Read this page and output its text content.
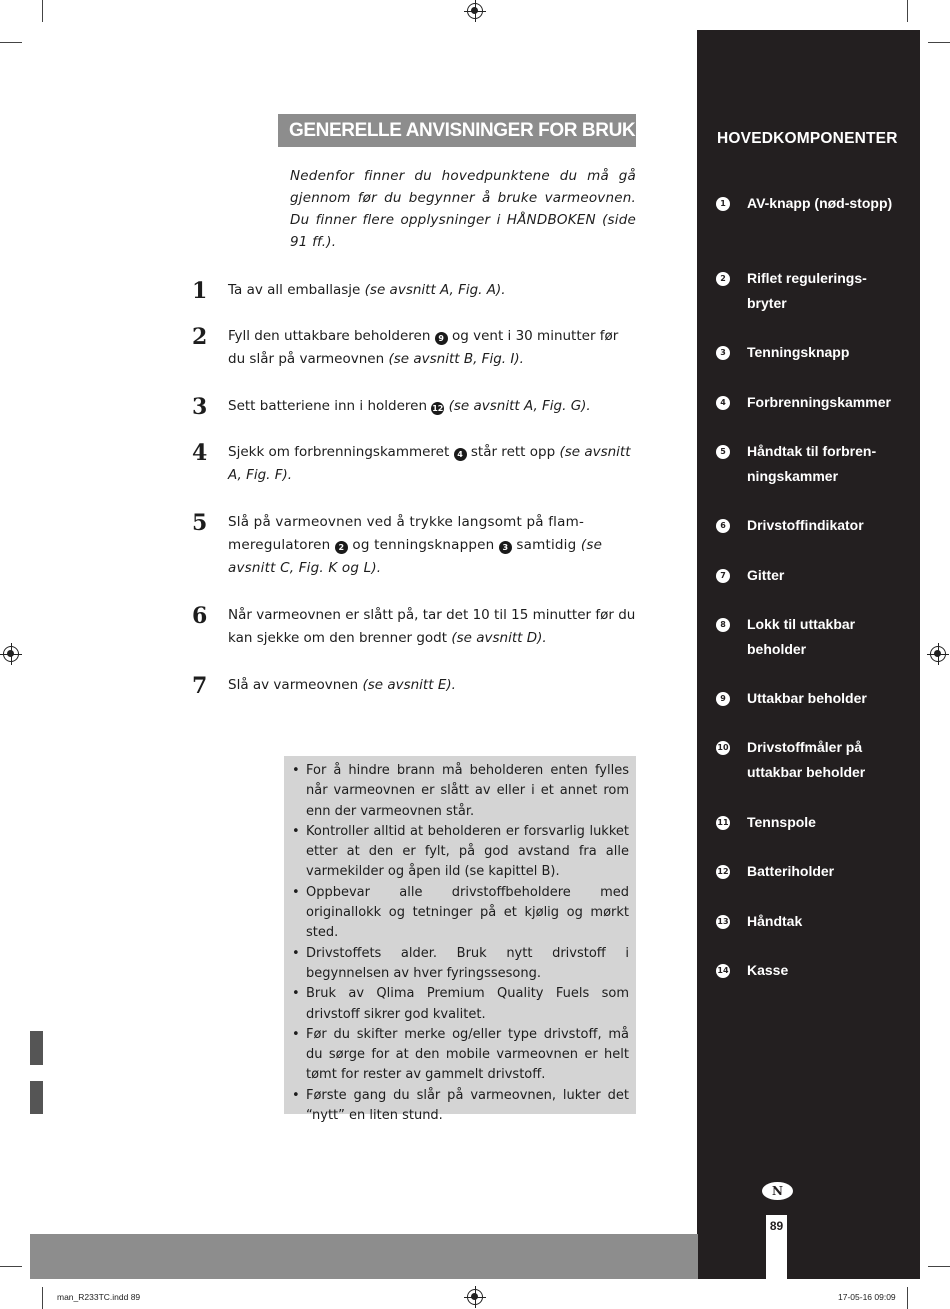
GENERELLE ANVISNINGER FOR BRUK
Nedenfor finner du hovedpunktene du må gå gjennom før du begynner å bruke varmeovnen. Du finner flere opplysninger i HÅNDBOKEN (side 91 ff.).
1 Ta av all emballasje (se avsnitt A, Fig. A).
2 Fyll den uttakbare beholderen 9 og vent i 30 minutter før du slår på varmeovnen (se avsnitt B, Fig. I).
3 Sett batteriene inn i holderen 12 (se avsnitt A, Fig. G).
4 Sjekk om forbrenningskammeret 4 står rett opp (se avsnitt A, Fig. F).
5 Slå på varmeovnen ved å trykke langsomt på flam-meregulatoren 2 og tenningsknappen 3 samtidig (se avsnitt C, Fig. K og L).
6 Når varmeovnen er slått på, tar det 10 til 15 minutter før du kan sjekke om den brenner godt (se avsnitt D).
7 Slå av varmeovnen (se avsnitt E).
• For å hindre brann må beholderen enten fylles når varmeovnen er slått av eller i et annet rom enn der varmeovnen står.
• Kontroller alltid at beholderen er forsvarlig lukket etter at den er fylt, på god avstand fra alle varmekilder og åpen ild (se kapittel B).
• Oppbevar alle drivstoffbeholdere med originallokk og tetninger på et kjølig og mørkt sted.
• Drivstoffets alder. Bruk nytt drivstoff i begynnelsen av hver fyringssesong.
• Bruk av Qlima Premium Quality Fuels som drivstoff sikrer god kvalitet.
• Før du skifter merke og/eller type drivstoff, må du sørge for at den mobile varmeovnen er helt tømt for rester av gammelt drivstoff.
• Første gang du slår på varmeovnen, lukter det “nytt” en liten stund.
HOVEDKOMPONENTER
1	AV-knapp (nød-stopp)
2	Riflet regulerings-bryter
3	Tenningsknapp
4	Forbrenningskammer
5	Håndtak til forbren-ningskammer
6	Drivstoffindikator
7	Gitter
8	Lokk til uttakbar beholder
9	Uttakbar beholder
10 Drivstoffmåler på uttakbar beholder
11 Tennspole
12 Batteriholder
13 Håndtak
14 Kasse
N
89
man_R233TC.indd 89	17-05-16 09:09
